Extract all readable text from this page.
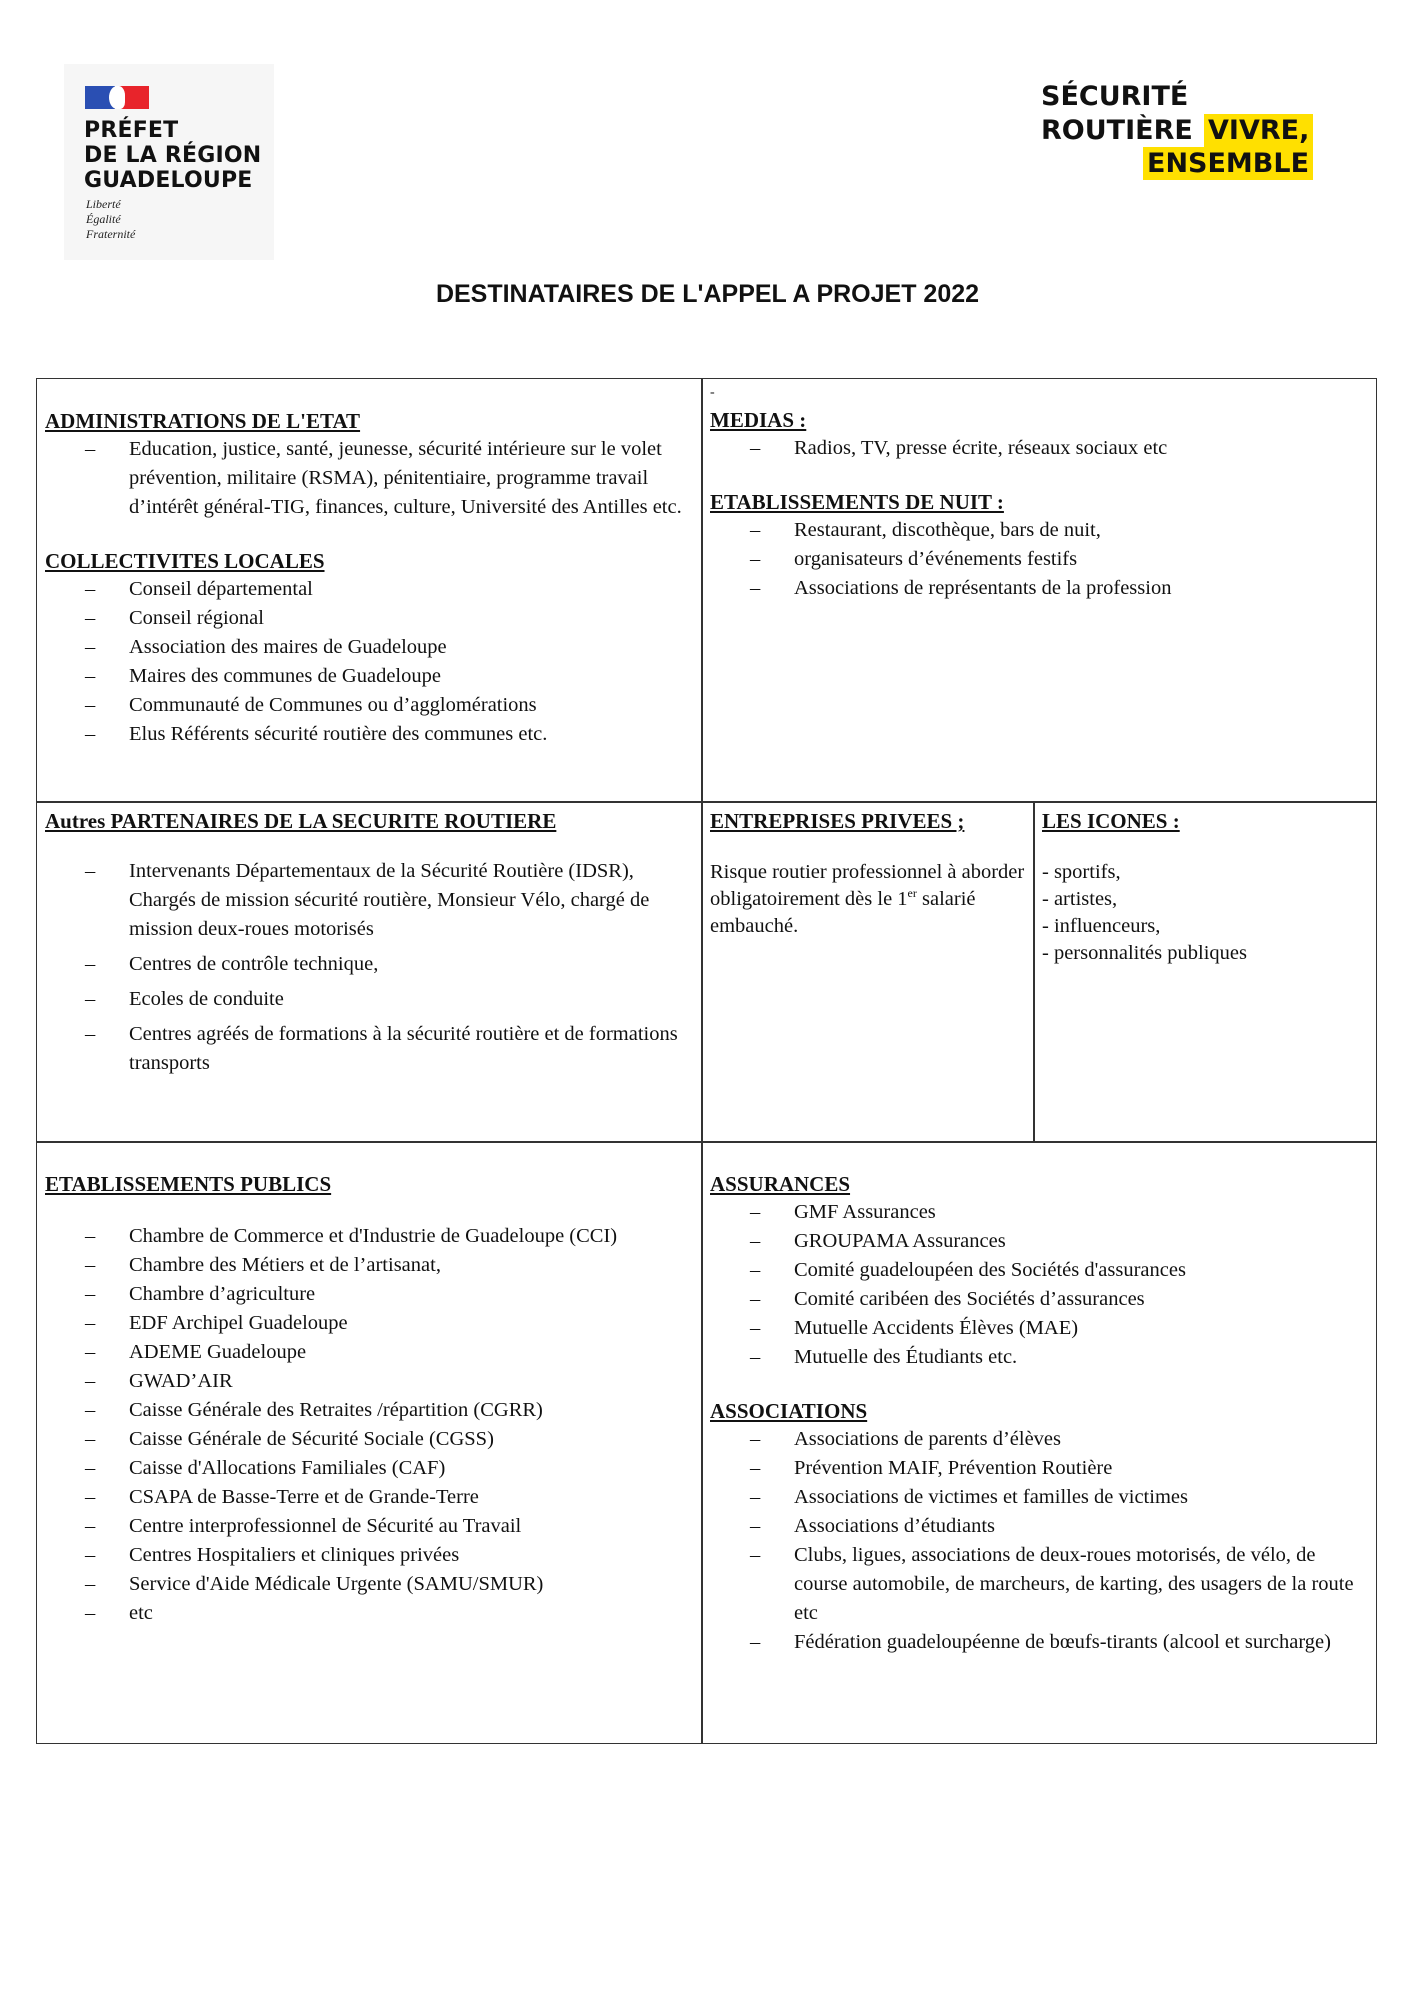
PRÉFET
DE LA RÉGION
GUADELOUPE
Liberté
Égalité
Fraternité
SÉCURITÉ
ROUTIÈRE VIVRE,
ENSEMBLE
DESTINATAIRES DE L'APPEL A PROJET 2022

ADMINISTRATIONS DE L'ETAT

– Education, justice, santé, jeunesse, sécurité intérieure sur le volet prévention, militaire (RSMA), pénitentiaire, programme travail d’intérêt général-TIG, finances, culture, Université des Antilles etc.

COLLECTIVITES LOCALES

– Conseil départemental
– Conseil régional
– Association des maires de Guadeloupe
– Maires des communes de Guadeloupe
– Communauté de Communes ou d’agglomérations
– Elus Référents sécurité routière des communes etc.
-

MEDIAS :

– Radios, TV, presse écrite, réseaux sociaux etc

ETABLISSEMENTS DE NUIT :

– Restaurant, discothèque, bars de nuit,
– organisateurs d’événements festifs
– Associations de représentants de la profession

Autres PARTENAIRES DE LA SECURITE ROUTIERE

– Intervenants Départementaux de la Sécurité Routière (IDSR), Chargés de mission sécurité routière, Monsieur Vélo, chargé de mission deux-roues motorisés
– Centres de contrôle technique,
– Ecoles de conduite
– Centres agréés de formations à la sécurité routière et de formations transports

ENTREPRISES PRIVEES ;

Risque routier professionnel à aborder obligatoirement dès le 1er salarié embauché.

LES ICONES :

- sportifs,
- artistes,
- influenceurs,
- personnalités publiques

ETABLISSEMENTS PUBLICS

– Chambre de Commerce et d'Industrie de Guadeloupe (CCI)
– Chambre des Métiers et de l’artisanat,
– Chambre d’agriculture
– EDF Archipel Guadeloupe
– ADEME Guadeloupe
– GWAD’AIR
– Caisse Générale des Retraites /répartition (CGRR)
– Caisse Générale de Sécurité Sociale (CGSS)
– Caisse d'Allocations Familiales (CAF)
– CSAPA de Basse-Terre et de Grande-Terre
– Centre interprofessionnel de Sécurité au Travail
– Centres Hospitaliers et cliniques privées
– Service d'Aide Médicale Urgente (SAMU/SMUR)
– etc

ASSURANCES

– GMF Assurances
– GROUPAMA Assurances
– Comité guadeloupéen des Sociétés d'assurances
– Comité caribéen des Sociétés d’assurances
– Mutuelle Accidents Élèves (MAE)
– Mutuelle des Étudiants etc.

ASSOCIATIONS

– Associations de parents d’élèves
– Prévention MAIF, Prévention Routière
– Associations de victimes et familles de victimes
– Associations d’étudiants
– Clubs, ligues, associations de deux-roues motorisés, de vélo, de course automobile, de marcheurs, de karting, des usagers de la route etc
– Fédération guadeloupéenne de bœufs-tirants (alcool et surcharge)
